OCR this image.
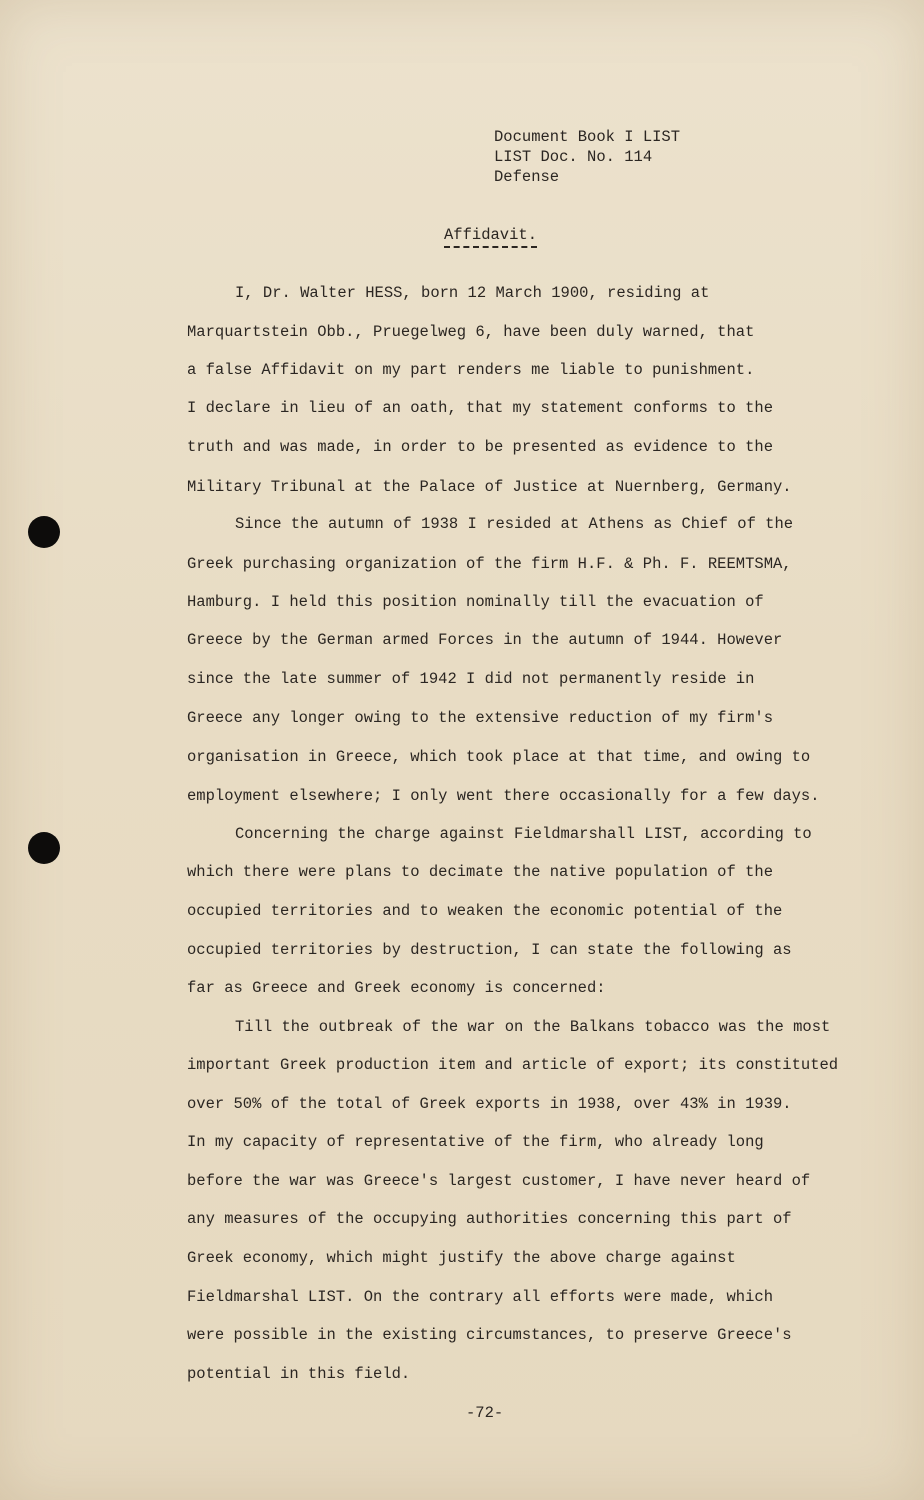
Document Book I LIST
LIST Doc. No. 114
Defense
Affidavit.
I, Dr. Walter HESS, born 12 March 1900, residing at
Marquartstein Obb., Pruegelweg 6, have been duly warned, that
a false Affidavit on my part renders me liable to punishment.
I declare in lieu of an oath, that my statement conforms to the
truth and was made, in order to be presented as evidence to the
Military Tribunal at the Palace of Justice at Nuernberg, Germany.
Since the autumn of 1938 I resided at Athens as Chief of the
Greek purchasing organization of the firm H.F. & Ph. F. REEMTSMA,
Hamburg. I held this position nominally till the evacuation of
Greece by the German armed Forces in the autumn of 1944. However
since the late summer of 1942 I did not permanently reside in
Greece any longer owing to the extensive reduction of my firm's
organisation in Greece, which took place at that time, and owing to
employment elsewhere; I only went there occasionally for a few days.
Concerning the charge against Fieldmarshall LIST, according to
which there were plans to decimate the native population of the
occupied territories and to weaken the economic potential of the
occupied territories by destruction, I can state the following as
far as Greece and Greek economy is concerned:
Till the outbreak of the war on the Balkans tobacco was the most
important Greek production item and article of export; its constituted
over 50% of the total of Greek exports in 1938, over 43% in 1939.
In my capacity of representative of the firm, who already long
before the war was Greece's largest customer, I have never heard of
any measures of the occupying authorities concerning this part of
Greek economy, which might justify the above charge against
Fieldmarshal LIST. On the contrary all efforts were made, which
were possible in the existing circumstances, to preserve Greece's
potential in this field.
-72-
